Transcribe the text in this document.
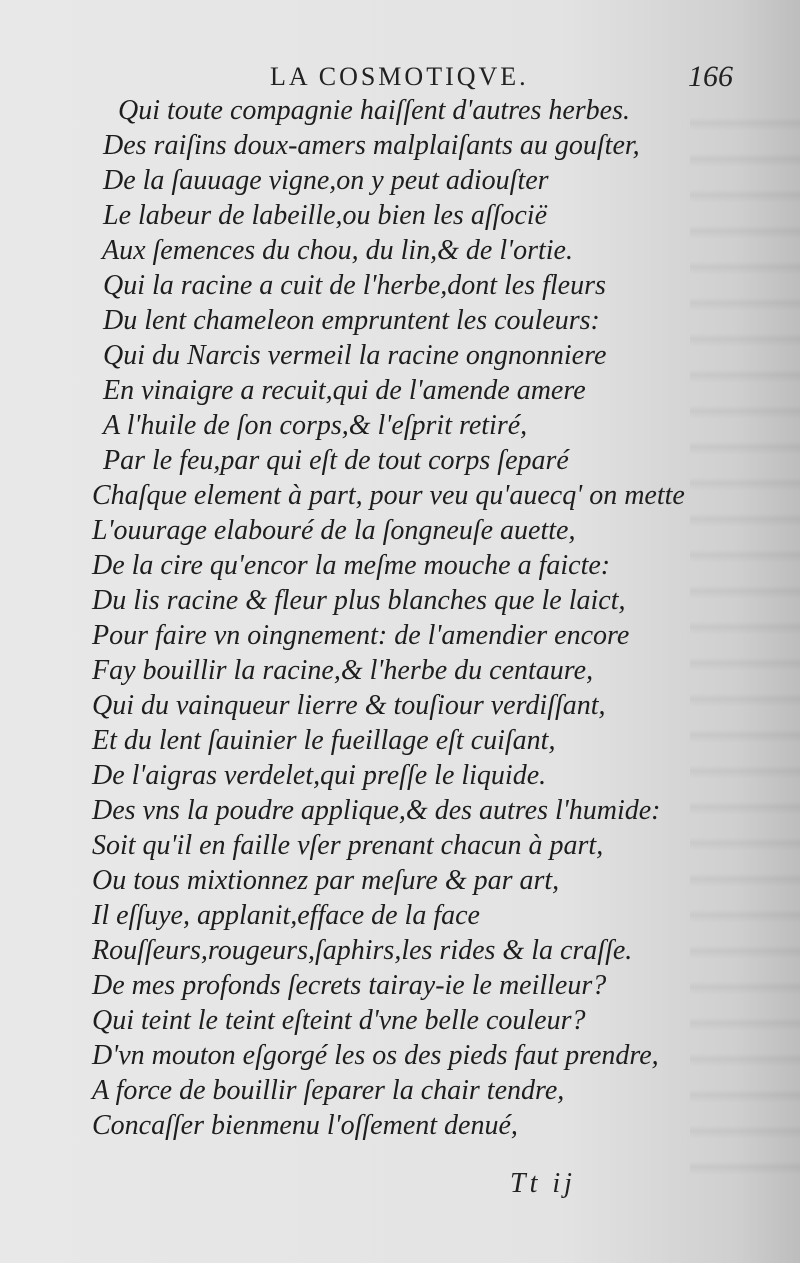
LA COSMOTIQVE.	166
Qui toute compagnie haiſſent d'autres herbes.
Des raiſins doux-amers malplaiſants au gouſter,
De la ſauuage vigne,on y peut adiouſter
Le labeur de labeille,ou bien les aſſocië
Aux ſemences du chou, du lin,& de l'ortie.
Qui la racine a cuit de l'herbe,dont les fleurs
Du lent chameleon empruntent les couleurs:
Qui du Narcis vermeil la racine ongnonniere
En vinaigre a recuit,qui de l'amende amere
A l'huile de ſon corps,& l'eſprit retiré,
Par le feu,par qui eſt de tout corps ſeparé
Chaſque element à part, pour veu qu'auecq' on mette
L'ouurage elabouré de la ſongneuſe auette,
De la cire qu'encor la meſme mouche a faicte:
Du lis racine & fleur plus blanches que le laict,
Pour faire vn oingnement: de l'amendier encore
Fay bouillir la racine,& l'herbe du centaure,
Qui du vainqueur lierre & touſiour verdiſſant,
Et du lent ſauinier le fueillage eſt cuiſant,
De l'aigras verdelet,qui preſſe le liquide.
Des vns la poudre applique,& des autres l'humide:
Soit qu'il en faille vſer prenant chacun à part,
Ou tous mixtionnez par meſure & par art,
Il eſſuye, applanit,efface de la face
Rouſſeurs,rougeurs,ſaphirs,les rides & la craſſe.
De mes profonds ſecrets tairay-ie le meilleur?
Qui teint le teint eſteint d'vne belle couleur?
D'vn mouton eſgorgé les os des pieds faut prendre,
A force de bouillir ſeparer la chair tendre,
Concaſſer bienmenu l'oſſement denué,
Tt ij
